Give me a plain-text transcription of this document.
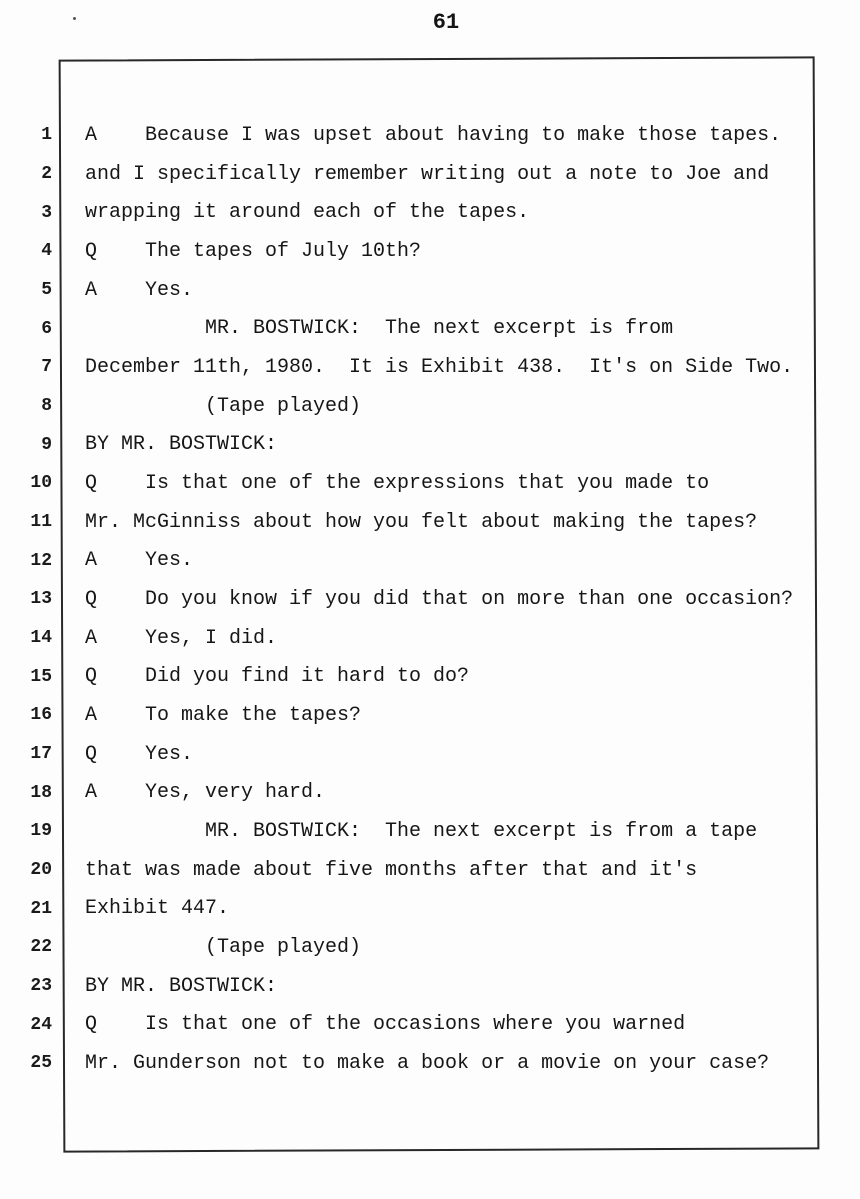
61
1	A    Because I was upset about having to make those tapes.
2	and I specifically remember writing out a note to Joe and
3	wrapping it around each of the tapes.
4	Q    The tapes of July 10th?
5	A    Yes.
6	MR. BOSTWICK:  The next excerpt is from
7	December 11th, 1980.  It is Exhibit 438.  It's on Side Two.
8	(Tape played)
9	BY MR. BOSTWICK:
10	Q    Is that one of the expressions that you made to
11	Mr. McGinniss about how you felt about making the tapes?
12	A    Yes.
13	Q    Do you know if you did that on more than one occasion?
14	A    Yes, I did.
15	Q    Did you find it hard to do?
16	A    To make the tapes?
17	Q    Yes.
18	A    Yes, very hard.
19	MR. BOSTWICK:  The next excerpt is from a tape
20	that was made about five months after that and it's
21	Exhibit 447.
22	(Tape played)
23	BY MR. BOSTWICK:
24	Q    Is that one of the occasions where you warned
25	Mr. Gunderson not to make a book or a movie on your case?
